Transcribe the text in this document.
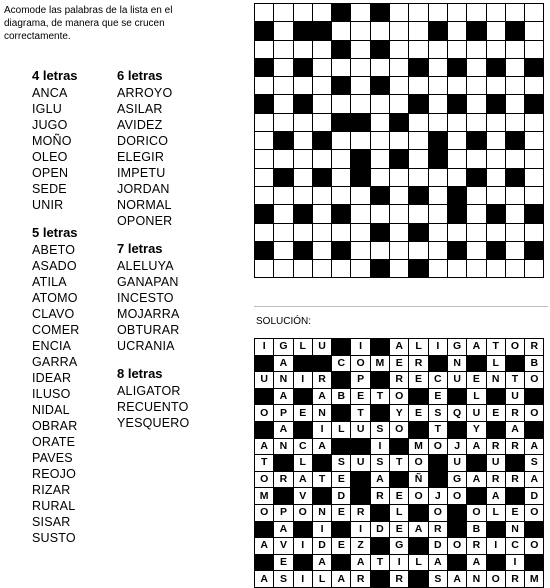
Acomode las palabras de la lista en el diagrama, de manera que se crucen correctamente.
4 letras
ANCA
IGLU
JUGO
MOÑO
OLEO
OPEN
SEDE
UNIR
5 letras
ABETO
ASADO
ATILA
ATOMO
CLAVO
COMER
ENCIA
GARRA
IDEAR
ILUSO
NIDAL
OBRAR
ORATE
PAVES
REOJO
RIZAR
RURAL
SISAR
SUSTO
6 letras
ARROYO
ASILAR
AVIDEZ
DORICO
ELEGIR
IMPETU
JORDAN
NORMAL
OPONER
7 letras
ALELUYA
GANAPAN
INCESTO
MOJARRA
OBTURAR
UCRANIA
8 letras
ALIGATOR
RECUENTO
YESQUERO

SOLUCIÓN:
I	G	L	U		I		A	L	I	G	A	T	O	R
	A			C	O	M	E	R		N		L		B
U	N	I	R		P		R	E	C	U	E	N	T	O
	A		A	B	E	T	O		E		L		U	
O	P	E	N		T		Y	E	S	Q	U	E	R	O
	A		I	L	U	S	O		T		Y		A	
A	N	C	A			I		M	O	J	A	R	R	A
T		L		S	U	S	T	O		U		U		S
O	R	A	T	E		A		Ñ		G	A	R	R	A
M		V		D		R	E	O	J	O		A		D
O	P	O	N	E	R		L		O		O	L	E	O
	A		I		I	D	E	A	R		B		N	
A	V	I	D	E	Z		G		D	O	R	I	C	O
	E		A		A	T	I	L	A		A		I	
A	S	I	L	A	R		R		S	A	N	O	R	M
